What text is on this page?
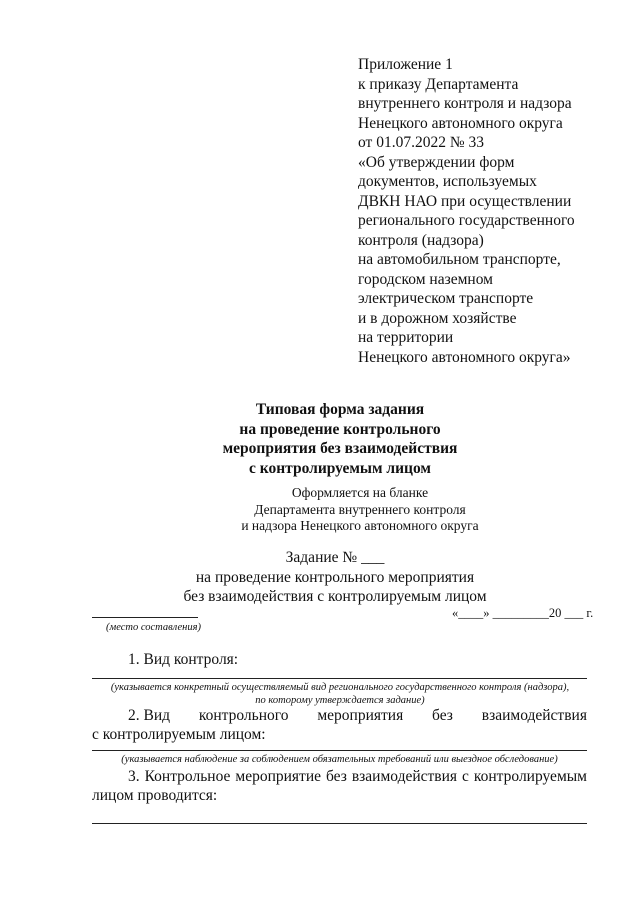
Приложение 1
к приказу Департамента
внутреннего контроля и надзора
Ненецкого автономного округа
от 01.07.2022 № 33
«Об утверждении форм
документов, используемых
ДВКН НАО при осуществлении
регионального государственного
контроля (надзора)
на автомобильном транспорте,
городском наземном
электрическом транспорте
и в дорожном хозяйстве
на территории
Ненецкого автономного округа»
Типовая форма задания
на проведение контрольного
мероприятия без взаимодействия
с контролируемым лицом
Оформляется на бланке
Департамента внутреннего контроля
и надзора Ненецкого автономного округа
Задание № ___
на проведение контрольного мероприятия
без взаимодействия с контролируемым лицом
(место составления)
«____» _________20 ___ г.
1. Вид контроля:
(указывается конкретный осуществляемый вид регионального государственного контроля (надзора),
по которому утверждается задание)
2. Вид контрольного мероприятия без взаимодействия
с контролируемым лицом:
(указывается наблюдение за соблюдением обязательных требований или выездное обследование)
3. Контрольное мероприятие без взаимодействия с контролируемым
лицом проводится:
